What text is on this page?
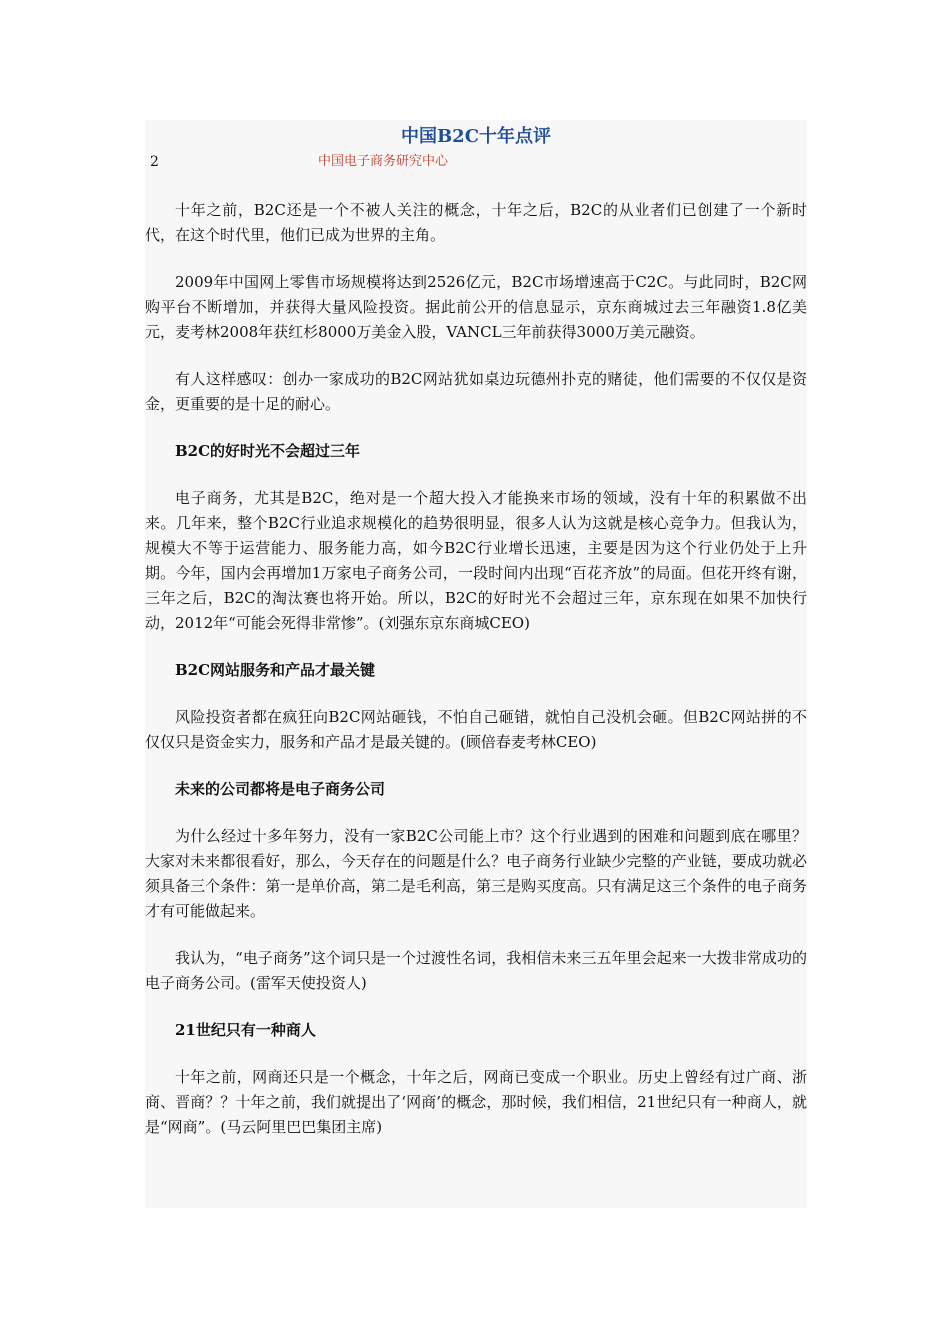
中国B2C十年点评
2	中国电子商务研究中心

十年之前，B2C还是一个不被人关注的概念，十年之后，B2C的从业者们已创建了一个新时代，在这个时代里，他们已成为世界的主角。

2009年中国网上零售市场规模将达到2526亿元，B2C市场增速高于C2C。与此同时，B2C网购平台不断增加，并获得大量风险投资。据此前公开的信息显示，京东商城过去三年融资1.8亿美元，麦考林2008年获红杉8000万美金入股，VANCL三年前获得3000万美元融资。

有人这样感叹：创办一家成功的B2C网站犹如桌边玩德州扑克的赌徒，他们需要的不仅仅是资金，更重要的是十足的耐心。

B2C的好时光不会超过三年

电子商务，尤其是B2C，绝对是一个超大投入才能换来市场的领域，没有十年的积累做不出来。几年来，整个B2C行业追求规模化的趋势很明显，很多人认为这就是核心竞争力。但我认为，规模大不等于运营能力、服务能力高，如今B2C行业增长迅速，主要是因为这个行业仍处于上升期。今年，国内会再增加1万家电子商务公司，一段时间内出现“百花齐放”的局面。但花开终有谢，三年之后，B2C的淘汰赛也将开始。所以，B2C的好时光不会超过三年，京东现在如果不加快行动，2012年“可能会死得非常惨”。(刘强东京东商城CEO)

B2C网站服务和产品才最关键

风险投资者都在疯狂向B2C网站砸钱，不怕自己砸错，就怕自己没机会砸。但B2C网站拼的不仅仅只是资金实力，服务和产品才是最关键的。(顾倍春麦考林CEO)

未来的公司都将是电子商务公司

为什么经过十多年努力，没有一家B2C公司能上市？这个行业遇到的困难和问题到底在哪里？大家对未来都很看好，那么，今天存在的问题是什么？电子商务行业缺少完整的产业链，要成功就必须具备三个条件：第一是单价高，第二是毛利高，第三是购买度高。只有满足这三个条件的电子商务才有可能做起来。

我认为，“电子商务”这个词只是一个过渡性名词，我相信未来三五年里会起来一大拨非常成功的电子商务公司。(雷军天使投资人)

21世纪只有一种商人

十年之前，网商还只是一个概念，十年之后，网商已变成一个职业。历史上曾经有过广商、浙商、晋商？？十年之前，我们就提出了‘网商’的概念，那时候，我们相信，21世纪只有一种商人，就是“网商”。(马云阿里巴巴集团主席)
